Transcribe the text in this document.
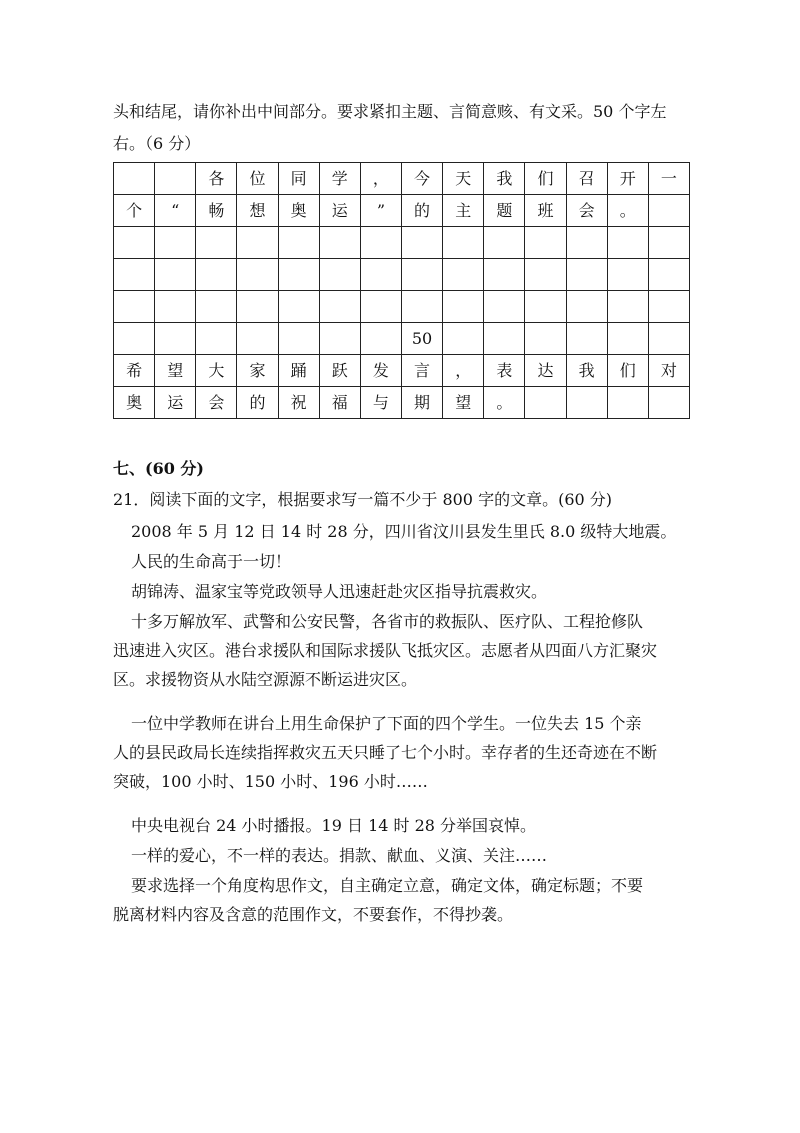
头和结尾，请你补出中间部分。要求紧扣主题、言简意赅、有文采。50 个字左
右。（6 分）
		各	位	同	学	，	今	天	我	们	召	开	一
个	“	畅	想	奥	运	”	的	主	题	班	会	。	

							50						
希	望	大	家	踊	跃	发	言	，	表	达	我	们	对
奥	运	会	的	祝	福	与	期	望	。				
七、(60 分)
21．阅读下面的文字，根据要求写一篇不少于 800 字的文章。(60 分)
2008 年 5 月 12 日 14 时 28 分，四川省汶川县发生里氏 8.0 级特大地震。
人民的生命高于一切！
胡锦涛、温家宝等党政领导人迅速赶赴灾区指导抗震救灾。
十多万解放军、武警和公安民警，各省市的救振队、医疗队、工程抢修队
迅速进入灾区。港台求援队和国际求援队飞抵灾区。志愿者从四面八方汇聚灾
区。求援物资从水陆空源源不断运进灾区。
一位中学教师在讲台上用生命保护了下面的四个学生。一位失去 15 个亲
人的县民政局长连续指挥救灾五天只睡了七个小时。幸存者的生还奇迹在不断
突破，100 小时、150 小时、196 小时……
中央电视台 24 小时播报。19 日 14 时 28 分举国哀悼。
一样的爱心，不一样的表达。捐款、献血、义演、关注……
要求选择一个角度构思作文，自主确定立意，确定文体，确定标题；不要
脱离材料内容及含意的范围作文，不要套作，不得抄袭。
